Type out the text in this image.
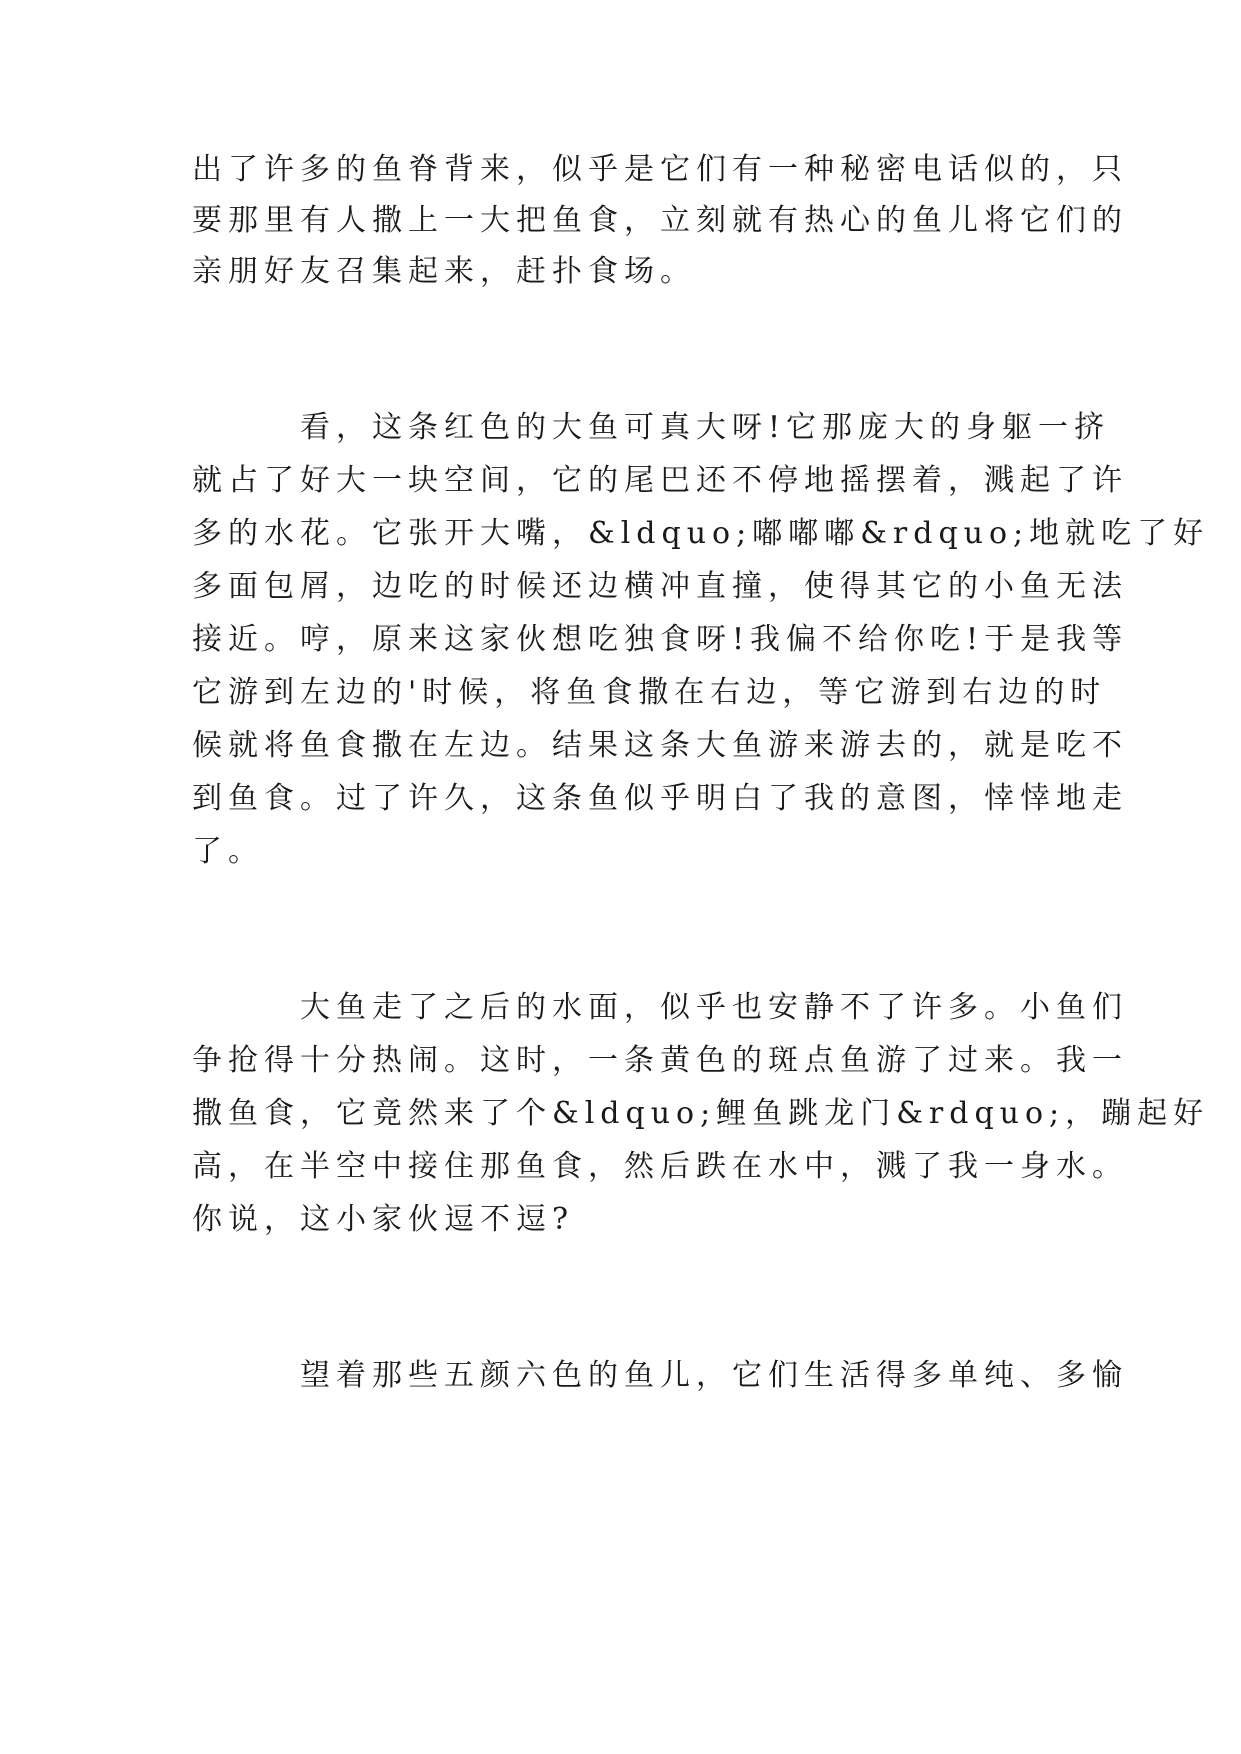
出了许多的鱼脊背来，似乎是它们有一种秘密电话似的，只

要那里有人撒上一大把鱼食，立刻就有热心的鱼儿将它们的

亲朋好友召集起来，赶扑食场。

看，这条红色的大鱼可真大呀!它那庞大的身躯一挤

就占了好大一块空间，它的尾巴还不停地摇摆着，溅起了许

多的水花。它张开大嘴，&ldquo;嘟嘟嘟&rdquo;地就吃了好

多面包屑，边吃的时候还边横冲直撞，使得其它的小鱼无法

接近。哼，原来这家伙想吃独食呀!我偏不给你吃!于是我等

它游到左边的'时候，将鱼食撒在右边，等它游到右边的时

候就将鱼食撒在左边。结果这条大鱼游来游去的，就是吃不

到鱼食。过了许久，这条鱼似乎明白了我的意图，悻悻地走

了。

大鱼走了之后的水面，似乎也安静不了许多。小鱼们

争抢得十分热闹。这时，一条黄色的斑点鱼游了过来。我一

撒鱼食，它竟然来了个&ldquo;鲤鱼跳龙门&rdquo;，蹦起好

高，在半空中接住那鱼食，然后跌在水中，溅了我一身水。

你说，这小家伙逗不逗?

望着那些五颜六色的鱼儿，它们生活得多单纯、多愉
